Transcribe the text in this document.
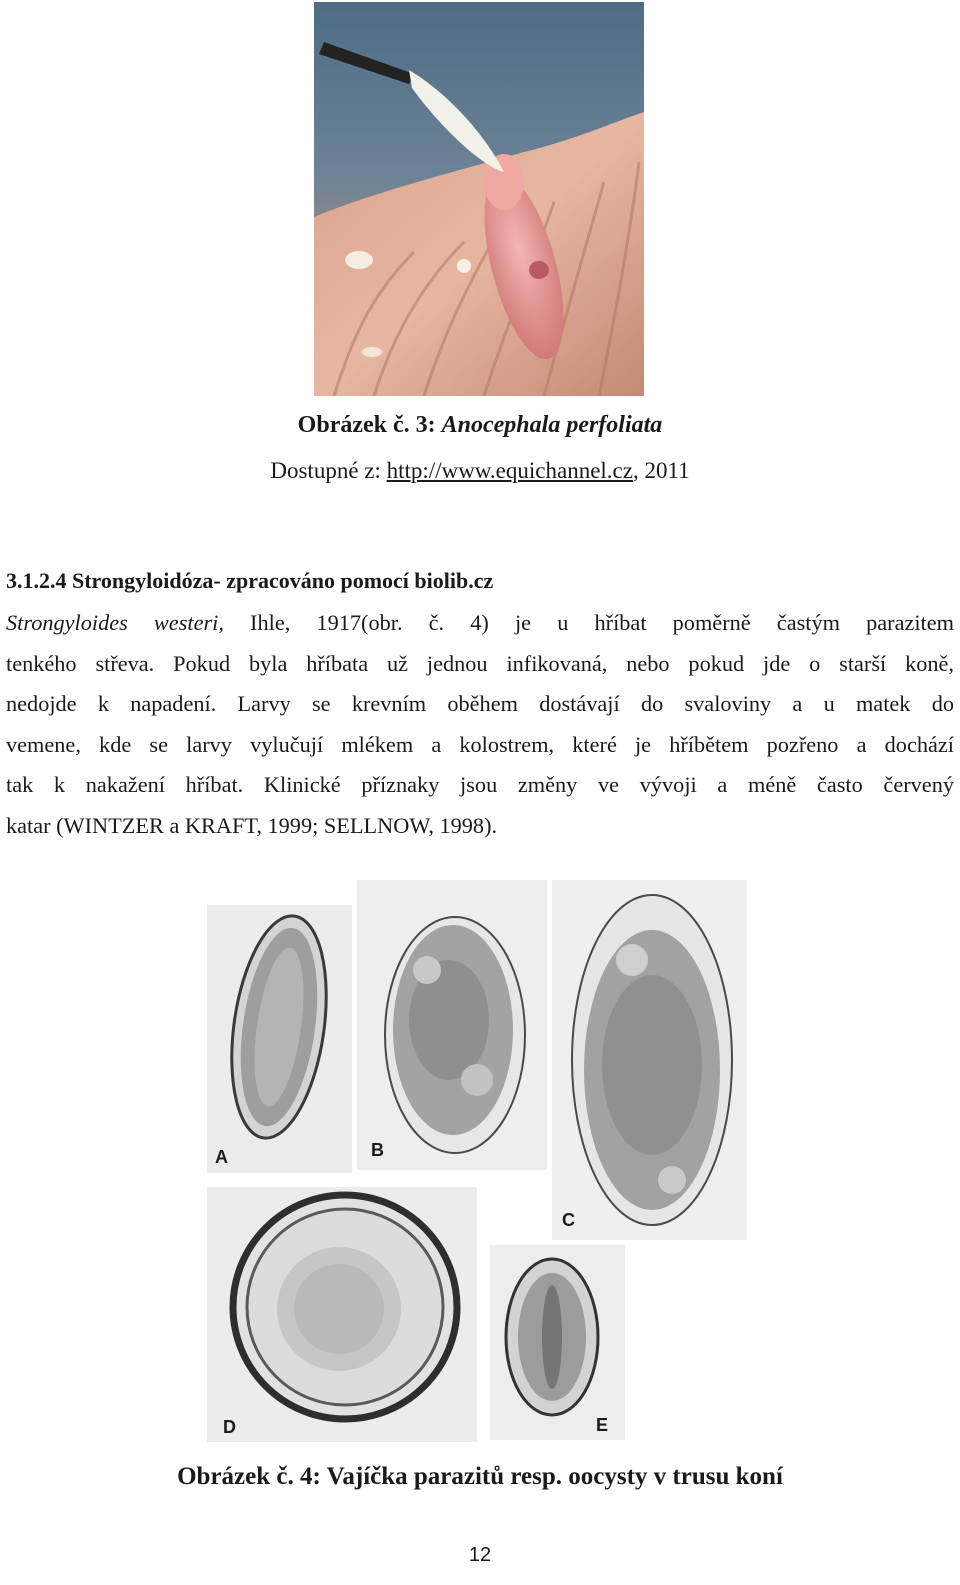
Obrázek č. 3: Anocephala perfoliata
Dostupné z: http://www.equichannel.cz, 2011
3.1.2.4 Strongyloidóza- zpracováno pomocí biolib.cz
Strongyloides westeri, Ihle, 1917(obr. č. 4) je u hříbat poměrně častým parazitem
tenkého střeva. Pokud byla hříbata už jednou infikovaná, nebo pokud jde o starší koně,
nedojde k napadení. Larvy se krevním oběhem dostávají do svaloviny a u matek do
vemene, kde se larvy vylučují mlékem a kolostrem, které je hříbětem pozřeno a dochází
tak k nakažení hříbat. Klinické příznaky jsou změny ve vývoji a méně často červený
katar (WINTZER a KRAFT, 1999; SELLNOW, 1998).
A	B
C
D	E
Obrázek č. 4: Vajíčka parazitů resp. oocysty v trusu koní
12
